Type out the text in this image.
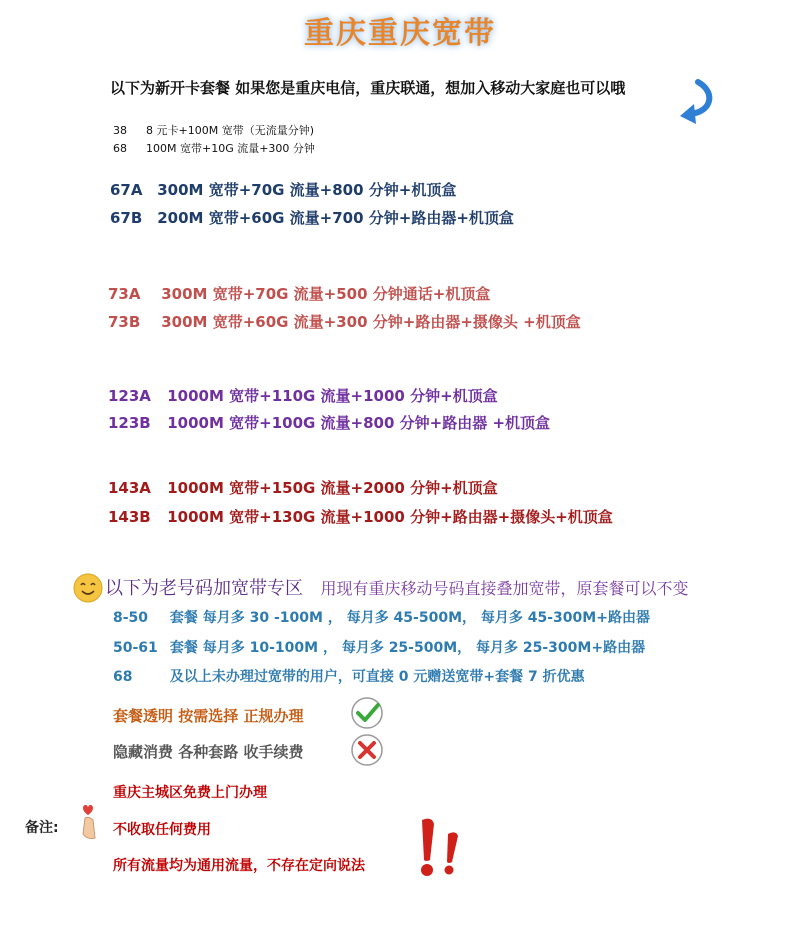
重庆重庆宽带
以下为新开卡套餐 如果您是重庆电信，重庆联通，想加入移动大家庭也可以哦
38 8 元卡+100M 宽带（无流量分钟)
68 100M 宽带+10G 流量+300 分钟
67A 300M 宽带+70G 流量+800 分钟+机顶盒
67B 200M 宽带+60G 流量+700 分钟+路由器+机顶盒
73A 300M 宽带+70G 流量+500 分钟通话+机顶盒
73B 300M 宽带+60G 流量+300 分钟+路由器+摄像头 +机顶盒
123A 1000M 宽带+110G 流量+1000 分钟+机顶盒
123B 1000M 宽带+100G 流量+800 分钟+路由器 +机顶盒
143A 1000M 宽带+150G 流量+2000 分钟+机顶盒
143B 1000M 宽带+130G 流量+1000 分钟+路由器+摄像头+机顶盒
以下为老号码加宽带专区 用现有重庆移动号码直接叠加宽带，原套餐可以不变
8-50 套餐 每月多 30 -100M ， 每月多 45-500M， 每月多 45-300M+路由器
50-61 套餐 每月多 10-100M ， 每月多 25-500M， 每月多 25-300M+路由器
68	及以上未办理过宽带的用户，可直接 0 元赠送宽带+套餐 7 折优惠
套餐透明 按需选择 正规办理
隐藏消费 各种套路 收手续费
重庆主城区免费上门办理
备注:	不收取任何费用
所有流量均为通用流量，不存在定向说法
